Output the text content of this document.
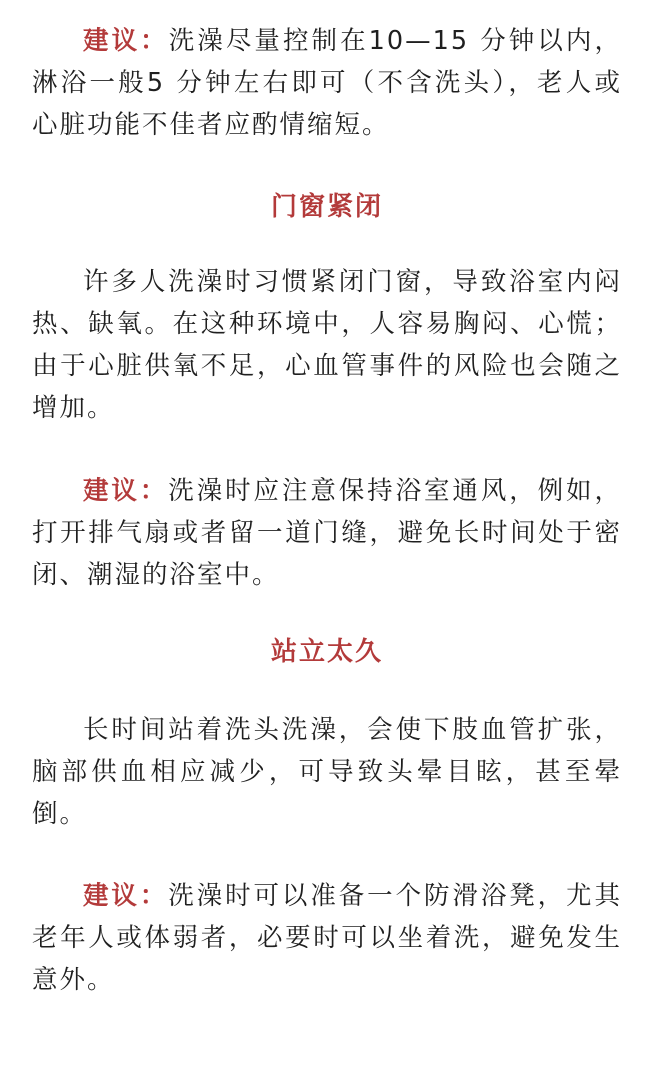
建议：洗澡尽量控制在10—15 分钟以内，淋浴一般5 分钟左右即可（不含洗头），老人或心脏功能不佳者应酌情缩短。

门窗紧闭

许多人洗澡时习惯紧闭门窗，导致浴室内闷热、缺氧。在这种环境中，人容易胸闷、心慌；由于心脏供氧不足，心血管事件的风险也会随之增加。

建议：洗澡时应注意保持浴室通风，例如，打开排气扇或者留一道门缝，避免长时间处于密闭、潮湿的浴室中。

站立太久

长时间站着洗头洗澡，会使下肢血管扩张，脑部供血相应减少，可导致头晕目眩，甚至晕倒。

建议：洗澡时可以准备一个防滑浴凳，尤其老年人或体弱者，必要时可以坐着洗，避免发生意外。
